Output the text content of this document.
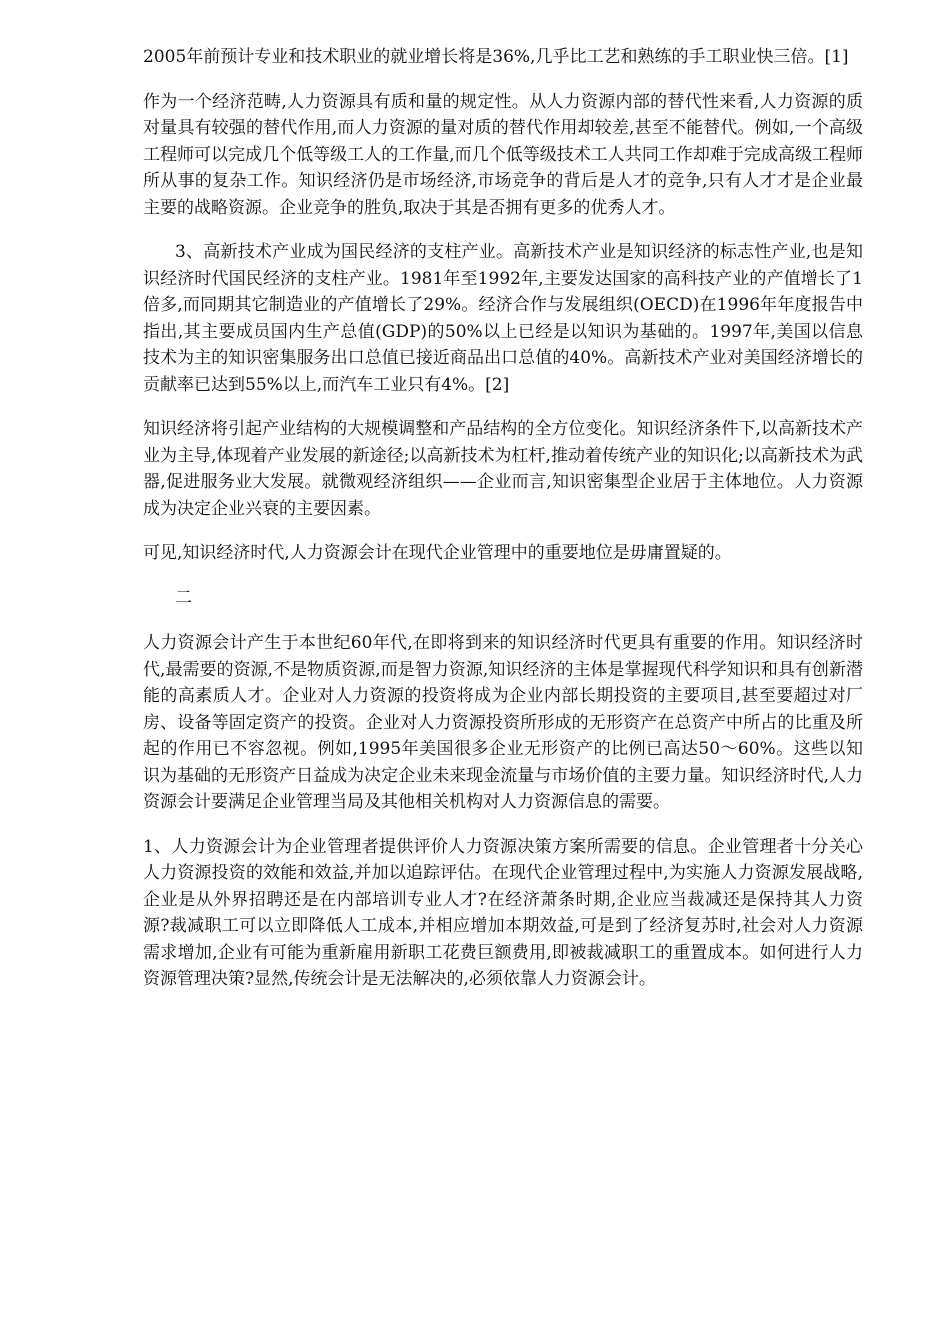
2005年前预计专业和技术职业的就业增长将是36%,几乎比工艺和熟练的手工职业快三倍。[1]

作为一个经济范畴,人力资源具有质和量的规定性。从人力资源内部的替代性来看,人力资源的质对量具有较强的替代作用,而人力资源的量对质的替代作用却较差,甚至不能替代。例如,一个高级工程师可以完成几个低等级工人的工作量,而几个低等级技术工人共同工作却难于完成高级工程师所从事的复杂工作。知识经济仍是市场经济,市场竞争的背后是人才的竞争,只有人才才是企业最主要的战略资源。企业竞争的胜负,取决于其是否拥有更多的优秀人才。

3、高新技术产业成为国民经济的支柱产业。高新技术产业是知识经济的标志性产业,也是知识经济时代国民经济的支柱产业。1981年至1992年,主要发达国家的高科技产业的产值增长了1倍多,而同期其它制造业的产值增长了29%。经济合作与发展组织(OECD)在1996年年度报告中指出,其主要成员国内生产总值(GDP)的50%以上已经是以知识为基础的。1997年,美国以信息技术为主的知识密集服务出口总值已接近商品出口总值的40%。高新技术产业对美国经济增长的贡献率已达到55%以上,而汽车工业只有4%。[2]

知识经济将引起产业结构的大规模调整和产品结构的全方位变化。知识经济条件下,以高新技术产业为主导,体现着产业发展的新途径;以高新技术为杠杆,推动着传统产业的知识化;以高新技术为武器,促进服务业大发展。就微观经济组织——企业而言,知识密集型企业居于主体地位。人力资源成为决定企业兴衰的主要因素。

可见,知识经济时代,人力资源会计在现代企业管理中的重要地位是毋庸置疑的。

二

人力资源会计产生于本世纪60年代,在即将到来的知识经济时代更具有重要的作用。知识经济时代,最需要的资源,不是物质资源,而是智力资源,知识经济的主体是掌握现代科学知识和具有创新潜能的高素质人才。企业对人力资源的投资将成为企业内部长期投资的主要项目,甚至要超过对厂房、设备等固定资产的投资。企业对人力资源投资所形成的无形资产在总资产中所占的比重及所起的作用已不容忽视。例如,1995年美国很多企业无形资产的比例已高达50～60%。这些以知识为基础的无形资产日益成为决定企业未来现金流量与市场价值的主要力量。知识经济时代,人力资源会计要满足企业管理当局及其他相关机构对人力资源信息的需要。

1、人力资源会计为企业管理者提供评价人力资源决策方案所需要的信息。企业管理者十分关心人力资源投资的效能和效益,并加以追踪评估。在现代企业管理过程中,为实施人力资源发展战略,企业是从外界招聘还是在内部培训专业人才?在经济萧条时期,企业应当裁减还是保持其人力资源?裁减职工可以立即降低人工成本,并相应增加本期效益,可是到了经济复苏时,社会对人力资源需求增加,企业有可能为重新雇用新职工花费巨额费用,即被裁减职工的重置成本。如何进行人力资源管理决策?显然,传统会计是无法解决的,必须依靠人力资源会计。
